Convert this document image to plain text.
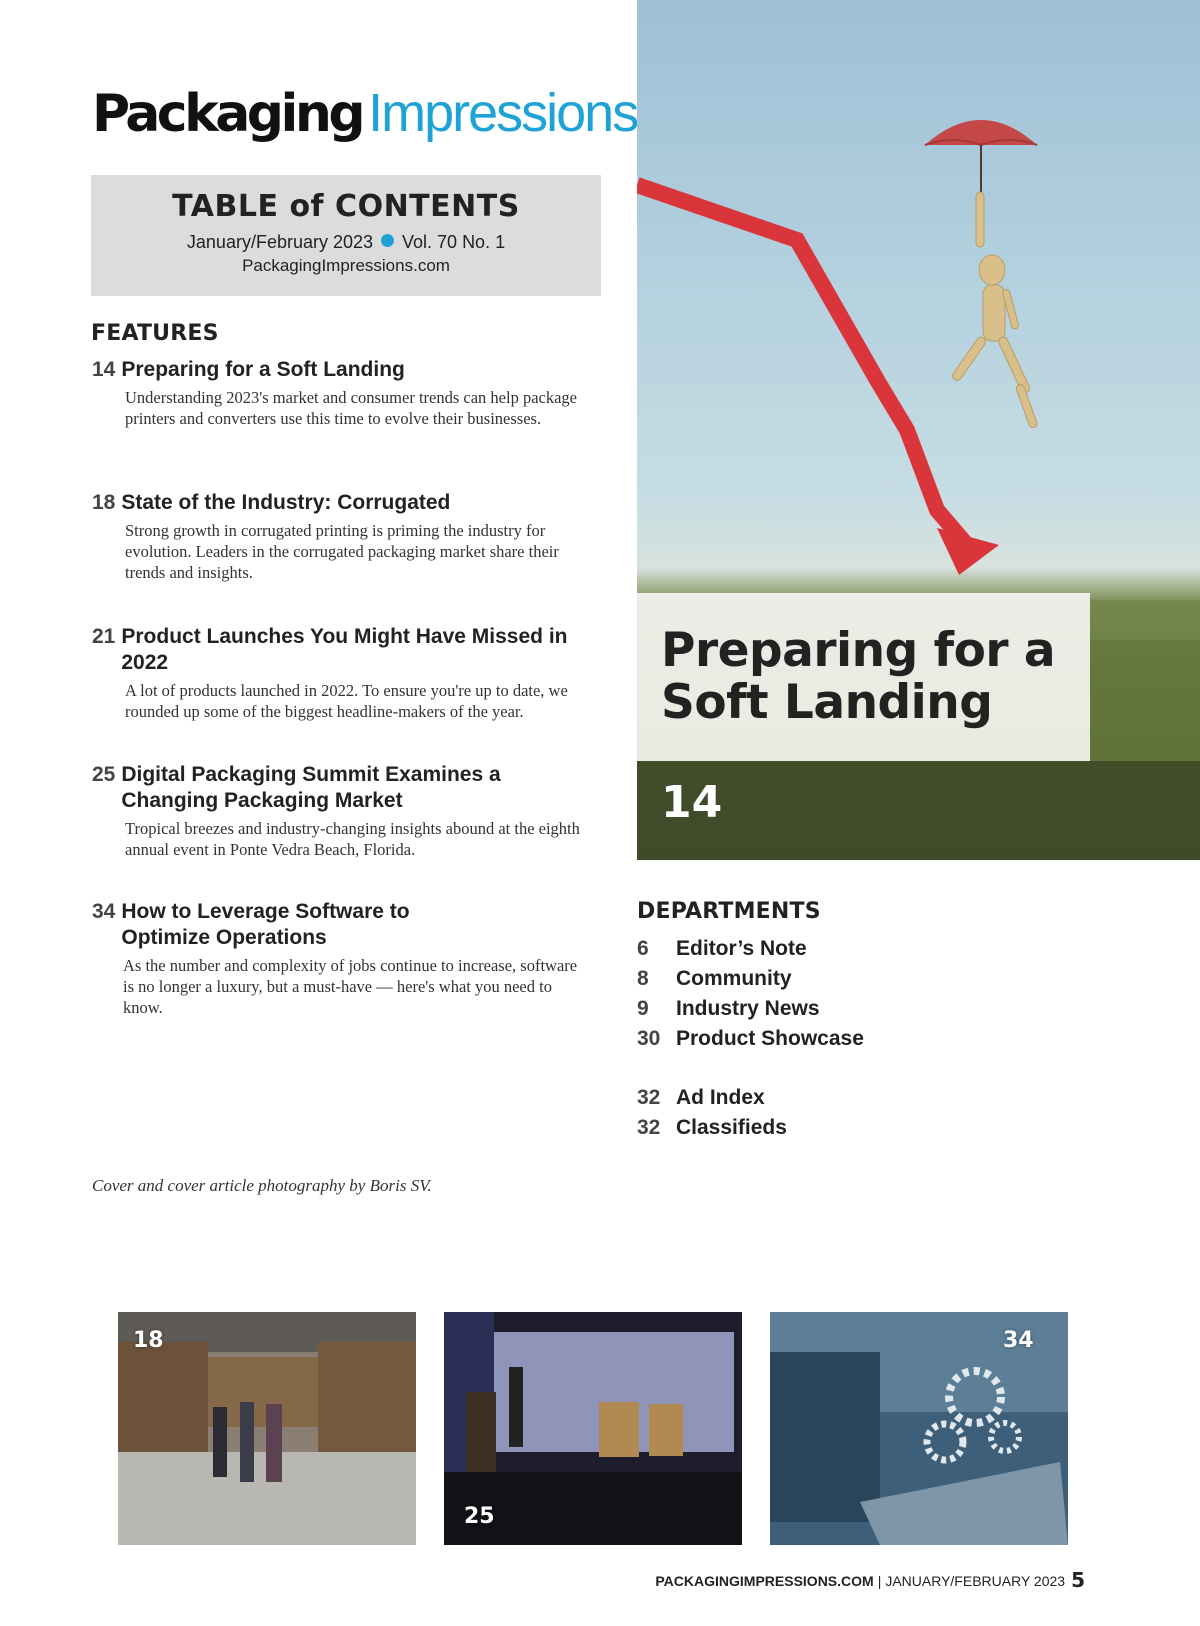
Packaging Impressions
TABLE of CONTENTS
January/February 2023 Vol. 70 No. 1
PackagingImpressions.com
FEATURES
14 Preparing for a Soft Landing
Understanding 2023's market and consumer trends can help package printers and converters use this time to evolve their businesses.
18 State of the Industry: Corrugated
Strong growth in corrugated printing is priming the industry for evolution. Leaders in the corrugated packaging market share their trends and insights.
21 Product Launches You Might Have Missed in 2022
A lot of products launched in 2022. To ensure you're up to date, we rounded up some of the biggest headline-makers of the year.
25 Digital Packaging Summit Examines a Changing Packaging Market
Tropical breezes and industry-changing insights abound at the eighth annual event in Ponte Vedra Beach, Florida.
34 How to Leverage Software to Optimize Operations
As the number and complexity of jobs continue to increase, software is no longer a luxury, but a must-have — here's what you need to know.
Preparing for a Soft Landing
14
DEPARTMENTS
6	Editor’s Note
8	Community
9	Industry News
30 Product Showcase
32 Ad Index
32 Classifieds
Cover and cover article photography by Boris SV.
18
25
34
PACKAGINGIMPRESSIONS.COM | JANUARY/FEBRUARY 2023 5
